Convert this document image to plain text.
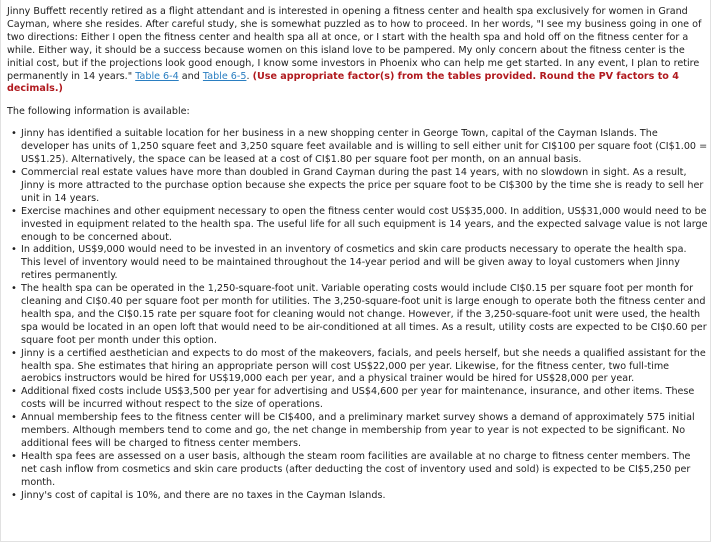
Jinny Buffett recently retired as a flight attendant and is interested in opening a fitness center and health spa exclusively for women in Grand Cayman, where she resides. After careful study, she is somewhat puzzled as to how to proceed. In her words, "I see my business going in one of two directions: Either I open the fitness center and health spa all at once, or I start with the health spa and hold off on the fitness center for a while. Either way, it should be a success because women on this island love to be pampered. My only concern about the fitness center is the initial cost, but if the projections look good enough, I know some investors in Phoenix who can help me get started. In any event, I plan to retire permanently in 14 years." Table 6-4 and Table 6-5. (Use appropriate factor(s) from the tables provided. Round the PV factors to 4 decimals.)

The following information is available:

• Jinny has identified a suitable location for her business in a new shopping center in George Town, capital of the Cayman Islands. The developer has units of 1,250 square feet and 3,250 square feet available and is willing to sell either unit for CI$100 per square foot (CI$1.00 = US$1.25). Alternatively, the space can be leased at a cost of CI$1.80 per square foot per month, on an annual basis.
• Commercial real estate values have more than doubled in Grand Cayman during the past 14 years, with no slowdown in sight. As a result, Jinny is more attracted to the purchase option because she expects the price per square foot to be CI$300 by the time she is ready to sell her unit in 14 years.
• Exercise machines and other equipment necessary to open the fitness center would cost US$35,000. In addition, US$31,000 would need to be invested in equipment related to the health spa. The useful life for all such equipment is 14 years, and the expected salvage value is not large enough to be concerned about.
• In addition, US$9,000 would need to be invested in an inventory of cosmetics and skin care products necessary to operate the health spa. This level of inventory would need to be maintained throughout the 14-year period and will be given away to loyal customers when Jinny retires permanently.
• The health spa can be operated in the 1,250-square-foot unit. Variable operating costs would include CI$0.15 per square foot per month for cleaning and CI$0.40 per square foot per month for utilities. The 3,250-square-foot unit is large enough to operate both the fitness center and health spa, and the CI$0.15 rate per square foot for cleaning would not change. However, if the 3,250-square-foot unit were used, the health spa would be located in an open loft that would need to be air-conditioned at all times. As a result, utility costs are expected to be CI$0.60 per square foot per month under this option.
• Jinny is a certified aesthetician and expects to do most of the makeovers, facials, and peels herself, but she needs a qualified assistant for the health spa. She estimates that hiring an appropriate person will cost US$22,000 per year. Likewise, for the fitness center, two full-time aerobics instructors would be hired for US$19,000 each per year, and a physical trainer would be hired for US$28,000 per year.
• Additional fixed costs include US$3,500 per year for advertising and US$4,600 per year for maintenance, insurance, and other items. These costs will be incurred without respect to the size of operations.
• Annual membership fees to the fitness center will be CI$400, and a preliminary market survey shows a demand of approximately 575 initial members. Although members tend to come and go, the net change in membership from year to year is not expected to be significant. No additional fees will be charged to fitness center members.
• Health spa fees are assessed on a user basis, although the steam room facilities are available at no charge to fitness center members. The net cash inflow from cosmetics and skin care products (after deducting the cost of inventory used and sold) is expected to be CI$5,250 per month.
• Jinny's cost of capital is 10%, and there are no taxes in the Cayman Islands.
